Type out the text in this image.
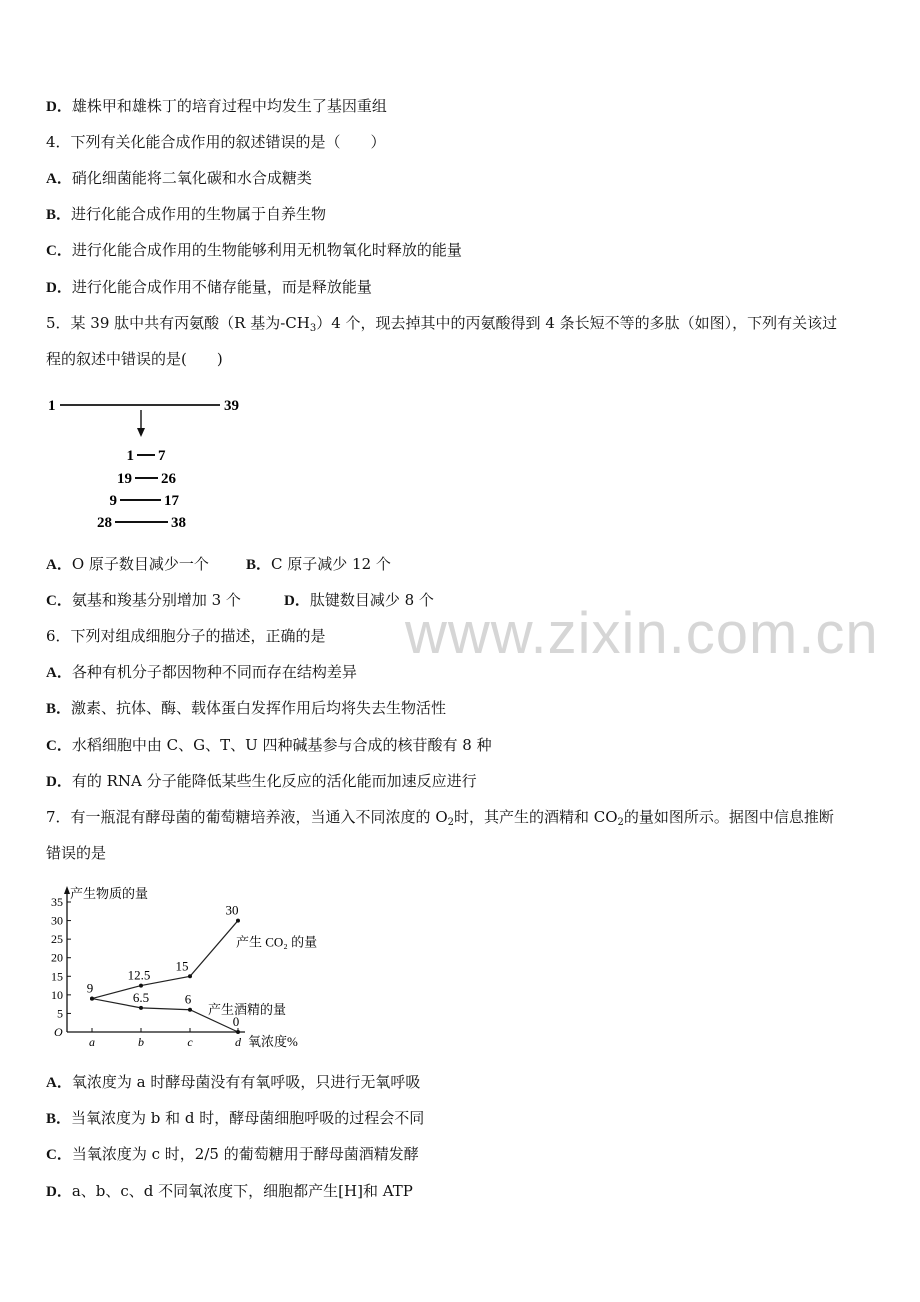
www.zixin.com.cn
D．雄株甲和雄株丁的培育过程中均发生了基因重组
4．下列有关化能合成作用的叙述错误的是（　　）
A．硝化细菌能将二氧化碳和水合成糖类
B．进行化能合成作用的生物属于自养生物
C．进行化能合成作用的生物能够利用无机物氧化时释放的能量
D．进行化能合成作用不储存能量，而是释放能量
5．某 39 肽中共有丙氨酸（R 基为$-CH_3)4$ 个，现去掉其中的丙氨酸得到 4 条长短不等的多肽（如图），下列有关该过
程的叙述中错误的是(　　)
1	39
1 7
19 26
9	17
28	38
A．O 原子数目减少一个 B．C 原子减少 12 个
C．氨基和羧基分别增加 3 个	D．肽键数目减少 8 个
6．下列对组成细胞分子的描述，正确的是
A．各种有机分子都因物种不同而存在结构差异
B．激素、抗体、酶、载体蛋白发挥作用后均将失去生物活性
C．水稻细胞中由 C、G、T、U 四种碱基参与合成的核苷酸有 8 种
D．有的 RNA 分子能降低某些生化反应的活化能而加速反应进行
7．有一瓶混有酵母菌的葡萄糖培养液，当通入不同浓度的 $O_2$时，其产生的酒精和 $CO_2$的量如图所示。据图中信息推断
错误的是
产生物质的量
氧浓度%
O
5
10
15
20
25
30
35
a	b	c	d
9
12.5
15
30
产生 CO₂ 的量
6.5	6
0
产生酒精的量
A．氧浓度为 a 时酵母菌没有有氧呼吸，只进行无氧呼吸
B．当氧浓度为 b 和 d 时，酵母菌细胞呼吸的过程会不同
C．当氧浓度为 c 时，2/5 的葡萄糖用于酵母菌酒精发酵
D．a、b、c、d 不同氧浓度下，细胞都产生[H]和 ATP
